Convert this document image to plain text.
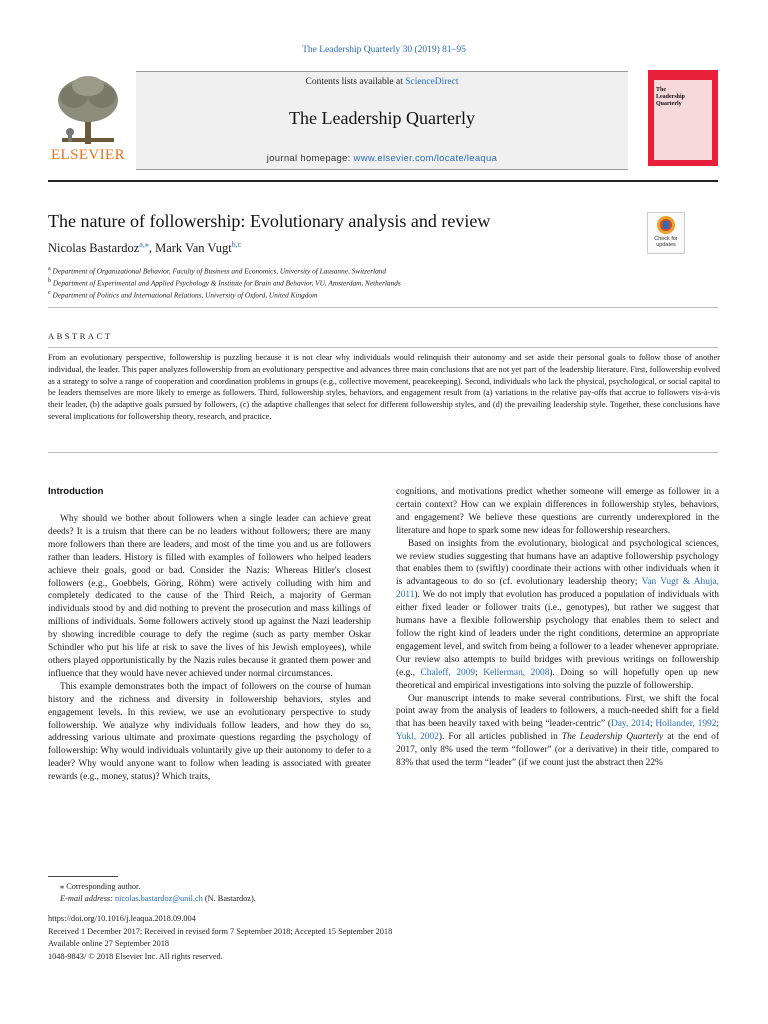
The Leadership Quarterly 30 (2019) 81–95
ELSEVIER
Contents lists available at ScienceDirect
The Leadership Quarterly
journal homepage: www.elsevier.com/locate/leaqua
The
Leadership
Quarterly
The nature of followership: Evolutionary analysis and review
Check for
updates
Nicolas Bastardoz$^{a,⁎}$, Mark Van Vugt$^{b,c}$
$^a$ Department of Organizational Behavior, Faculty of Business and Economics, University of Lausanne, Switzerland
$^b$ Department of Experimental and Applied Psychology & Institute for Brain and Behavior, VU, Amsterdam, Netherlands
$^c$ Department of Politics and International Relations, University of Oxford, United Kingdom
ABSTRACT
From an evolutionary perspective, followership is puzzling because it is not clear why individuals would relinquish their autonomy and set aside their personal goals to follow those of another individual, the leader. This paper analyzes followership from an evolutionary perspective and advances three main conclusions that are not yet part of the leadership literature. First, followership evolved as a strategy to solve a range of cooperation and coordination problems in groups (e.g., collective movement, peacekeeping). Second, individuals who lack the physical, psychological, or social capital to be leaders themselves are more likely to emerge as followers. Third, followership styles, behaviors, and engagement result from (a) variations in the relative pay-offs that accrue to followers vis-à-vis their leader, (b) the adaptive goals pursued by followers, (c) the adaptive challenges that select for different followership styles, and (d) the prevailing leadership style. Together, these conclusions have several implications for followership theory, research, and practice.
Introduction

Why should we bother about followers when a single leader can achieve great deeds? It is a truism that there can be no leaders without followers; there are many more followers than there are leaders, and most of the time you and us are followers rather than leaders. History is filled with examples of followers who helped leaders achieve their goals, good or bad. Consider the Nazis: Whereas Hitler's closest followers (e.g., Goebbels, Göring, Röhm) were actively colluding with him and completely dedicated to the cause of the Third Reich, a majority of German individuals stood by and did nothing to prevent the prosecution and mass killings of millions of individuals. Some followers actively stood up against the Nazi leadership by showing incredible courage to defy the regime (such as party member Oskar Schindler who put his life at risk to save the lives of his Jewish employees), while others played opportunistically by the Nazis rules because it granted them power and influence that they would have never achieved under normal circumstances.

This example demonstrates both the impact of followers on the course of human history and the richness and diversity in followership behaviors, styles and engagement levels. In this review, we use an evolutionary perspective to study followership. We analyze why individuals follow leaders, and how they do so, addressing various ultimate and proximate questions regarding the psychology of followership: Why would individuals voluntarily give up their autonomy to defer to a leader? Why would anyone want to follow when leading is associated with greater rewards (e.g., money, status)? Which traits,

cognitions, and motivations predict whether someone will emerge as follower in a certain context? How can we explain differences in followership styles, behaviors, and engagement? We believe these questions are currently underexplored in the literature and hope to spark some new ideas for followership researchers.

Based on insights from the evolutionary, biological and psychological sciences, we review studies suggesting that humans have an adaptive followership psychology that enables them to (swiftly) coordinate their actions with other individuals when it is advantageous to do so (cf. evolutionary leadership theory; Van Vugt & Ahuja, 2011). We do not imply that evolution has produced a population of individuals with either fixed leader or follower traits (i.e., genotypes), but rather we suggest that humans have a flexible followership psychology that enables them to select and follow the right kind of leaders under the right conditions, determine an appropriate engagement level, and switch from being a follower to a leader whenever appropriate. Our review also attempts to build bridges with previous writings on followership (e.g., Chaleff, 2009; Kellerman, 2008). Doing so will hopefully open up new theoretical and empirical investigations into solving the puzzle of followership.

Our manuscript intends to make several contributions. First, we shift the focal point away from the analysis of leaders to followers, a much-needed shift for a field that has been heavily taxed with being “leader-centric” (Day, 2014; Hollander, 1992; Yukl, 2002). For all articles published in The Leadership Quarterly at the end of 2017, only 8% used the term “follower” (or a derivative) in their title, compared to 83% that used the term “leader” (if we count just the abstract then 22%

⁎ Corresponding author.
E-mail address: nicolas.bastardoz@unil.ch (N. Bastardoz).
https://doi.org/10.1016/j.leaqua.2018.09.004
Received 1 December 2017; Received in revised form 7 September 2018; Accepted 15 September 2018
Available online 27 September 2018
1048-9843/ © 2018 Elsevier Inc. All rights reserved.
